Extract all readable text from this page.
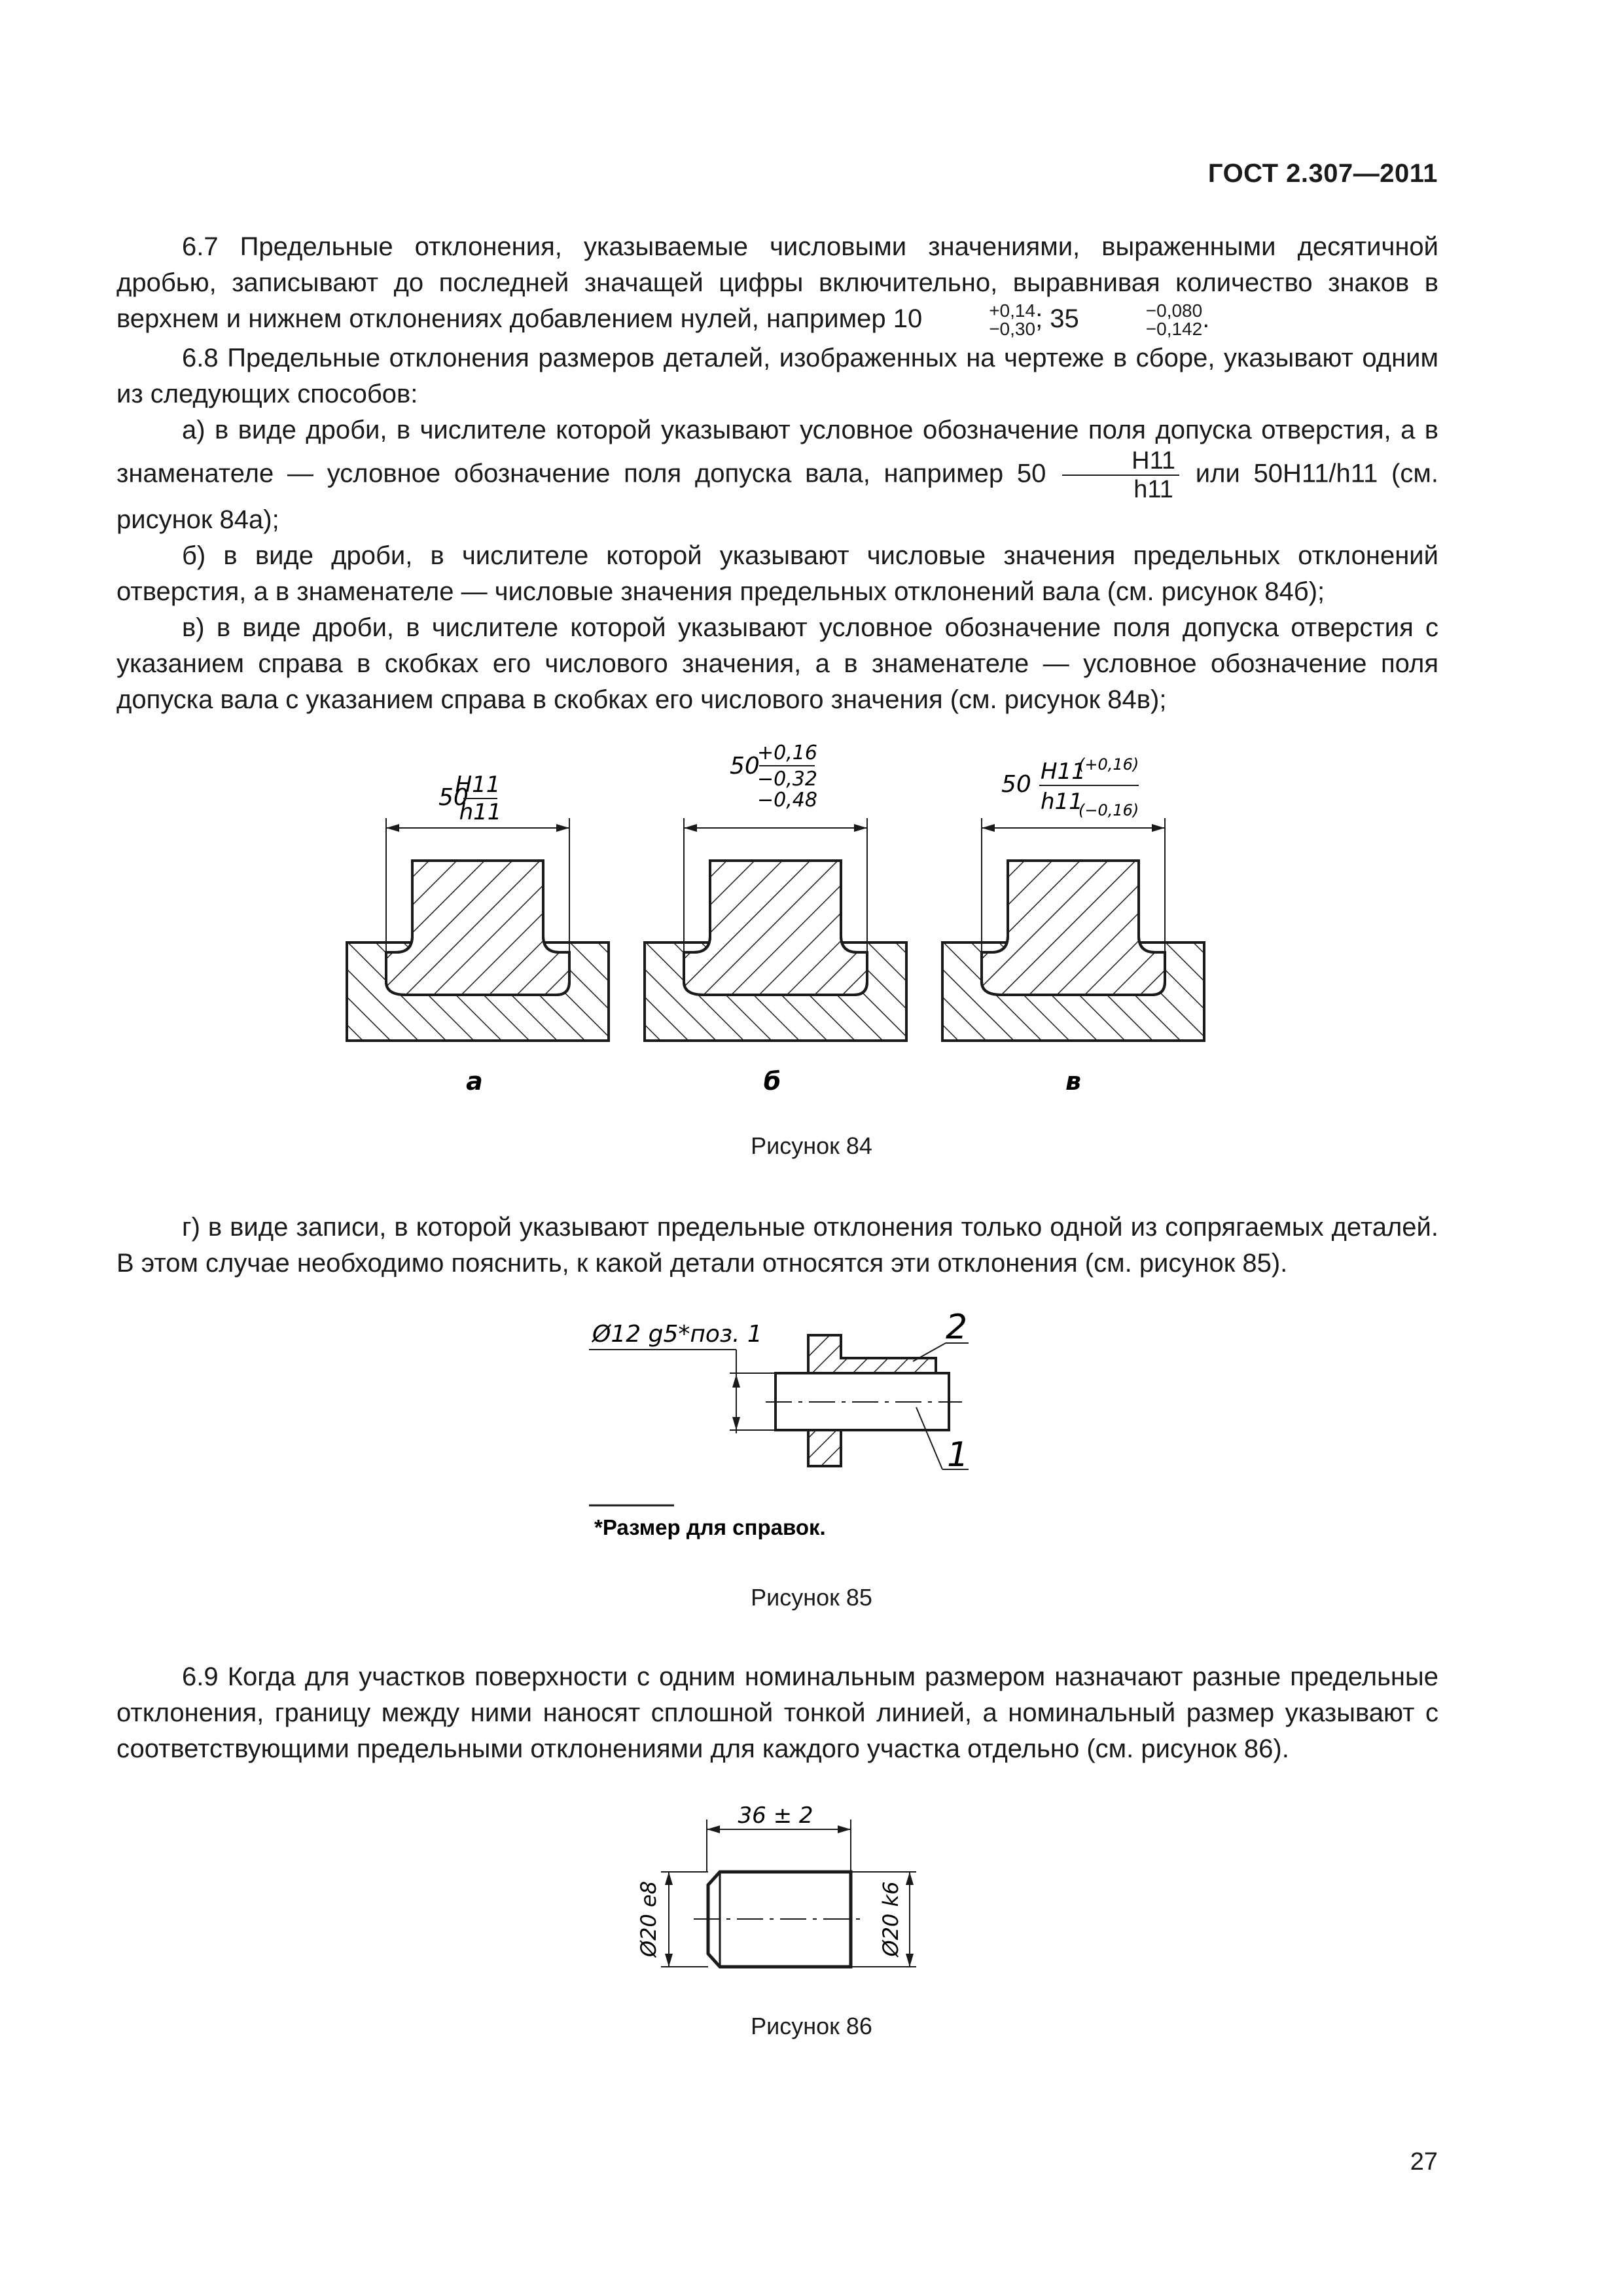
ГОСТ 2.307—2011

6.7 Предельные отклонения, указываемые числовыми значениями, выраженными десятичной дробью, записывают до последней значащей цифры включительно, выравнивая количество знаков в верхнем и нижнем отклонениях добавлением нулей, например 10	+0,14
−0,30 ; 35	−0,080
−0,142 .

6.8 Предельные отклонения размеров деталей, изображенных на чертеже в сборе, указывают одним из следующих способов:

а) в виде дроби, в числителе которой указывают условное обозначение поля допуска отверстия, а в знаменателе — условное обозначение поля допуска вала, например $50 \frac{H11}{h11}$ или 50H11/h11 (см. рисунок 84а);

б) в виде дроби, в числителе которой указывают числовые значения предельных отклонений отверстия, а в знаменателе — числовые значения предельных отклонений вала (см. рисунок 84б);

в) в виде дроби, в числителе которой указывают условное обозначение поля допуска отверстия с указанием справа в скобках его числового значения, а в знаменателе — условное обозначение поля допуска вала с указанием справа в скобках его числового значения (см. рисунок 84в);

50
H11
h11
а
50
+0,16
−0,32
−0,48
б
50 H11
(+0,16)
h11
(−0,16)
в
Рисунок 84

г) в виде записи, в которой указывают предельные отклонения только одной из сопрягаемых деталей. В этом случае необходимо пояснить, к какой детали относятся эти отклонения (см. рисунок 85).

Ø12 g5*поз. 1	2
1
*Размер для справок.
Рисунок 85

6.9 Когда для участков поверхности с одним номинальным размером назначают разные предельные отклонения, границу между ними наносят сплошной тонкой линией, а номинальный размер указывают с соответствующими предельными отклонениями для каждого участка отдельно (см. рисунок 86).

36 ± 2
Ø20 e8	Ø20 k6
Рисунок 86
27
